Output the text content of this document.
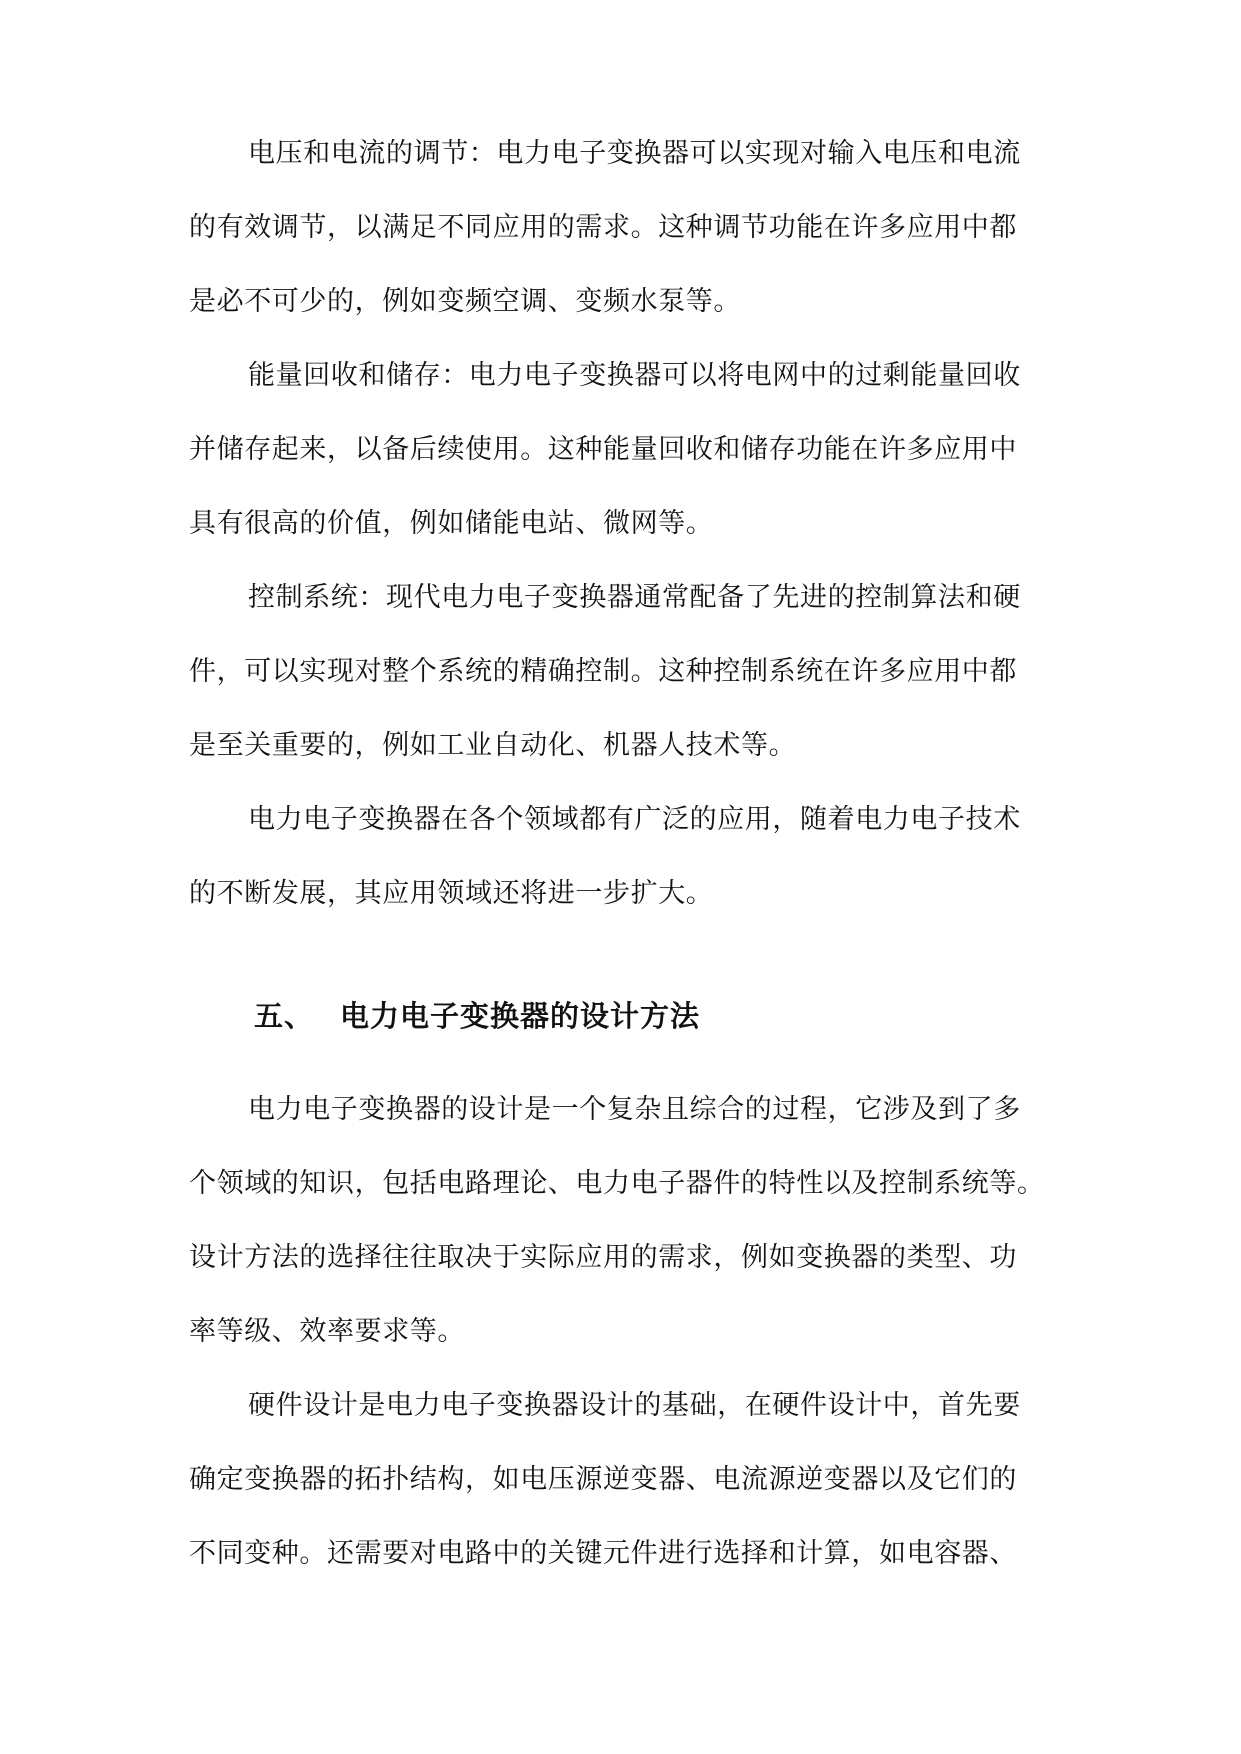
电压和电流的调节：电力电子变换器可以实现对输入电压和电流
的有效调节，以满足不同应用的需求。这种调节功能在许多应用中都
是必不可少的，例如变频空调、变频水泵等。
能量回收和储存：电力电子变换器可以将电网中的过剩能量回收
并储存起来，以备后续使用。这种能量回收和储存功能在许多应用中
具有很高的价值，例如储能电站、微网等。
控制系统：现代电力电子变换器通常配备了先进的控制算法和硬
件，可以实现对整个系统的精确控制。这种控制系统在许多应用中都
是至关重要的，例如工业自动化、机器人技术等。
电力电子变换器在各个领域都有广泛的应用，随着电力电子技术
的不断发展，其应用领域还将进一步扩大。
五、 电力电子变换器的设计方法
电力电子变换器的设计是一个复杂且综合的过程，它涉及到了多
个领域的知识，包括电路理论、电力电子器件的特性以及控制系统等。
设计方法的选择往往取决于实际应用的需求，例如变换器的类型、功
率等级、效率要求等。
硬件设计是电力电子变换器设计的基础，在硬件设计中，首先要
确定变换器的拓扑结构，如电压源逆变器、电流源逆变器以及它们的
不同变种。还需要对电路中的关键元件进行选择和计算，如电容器、
